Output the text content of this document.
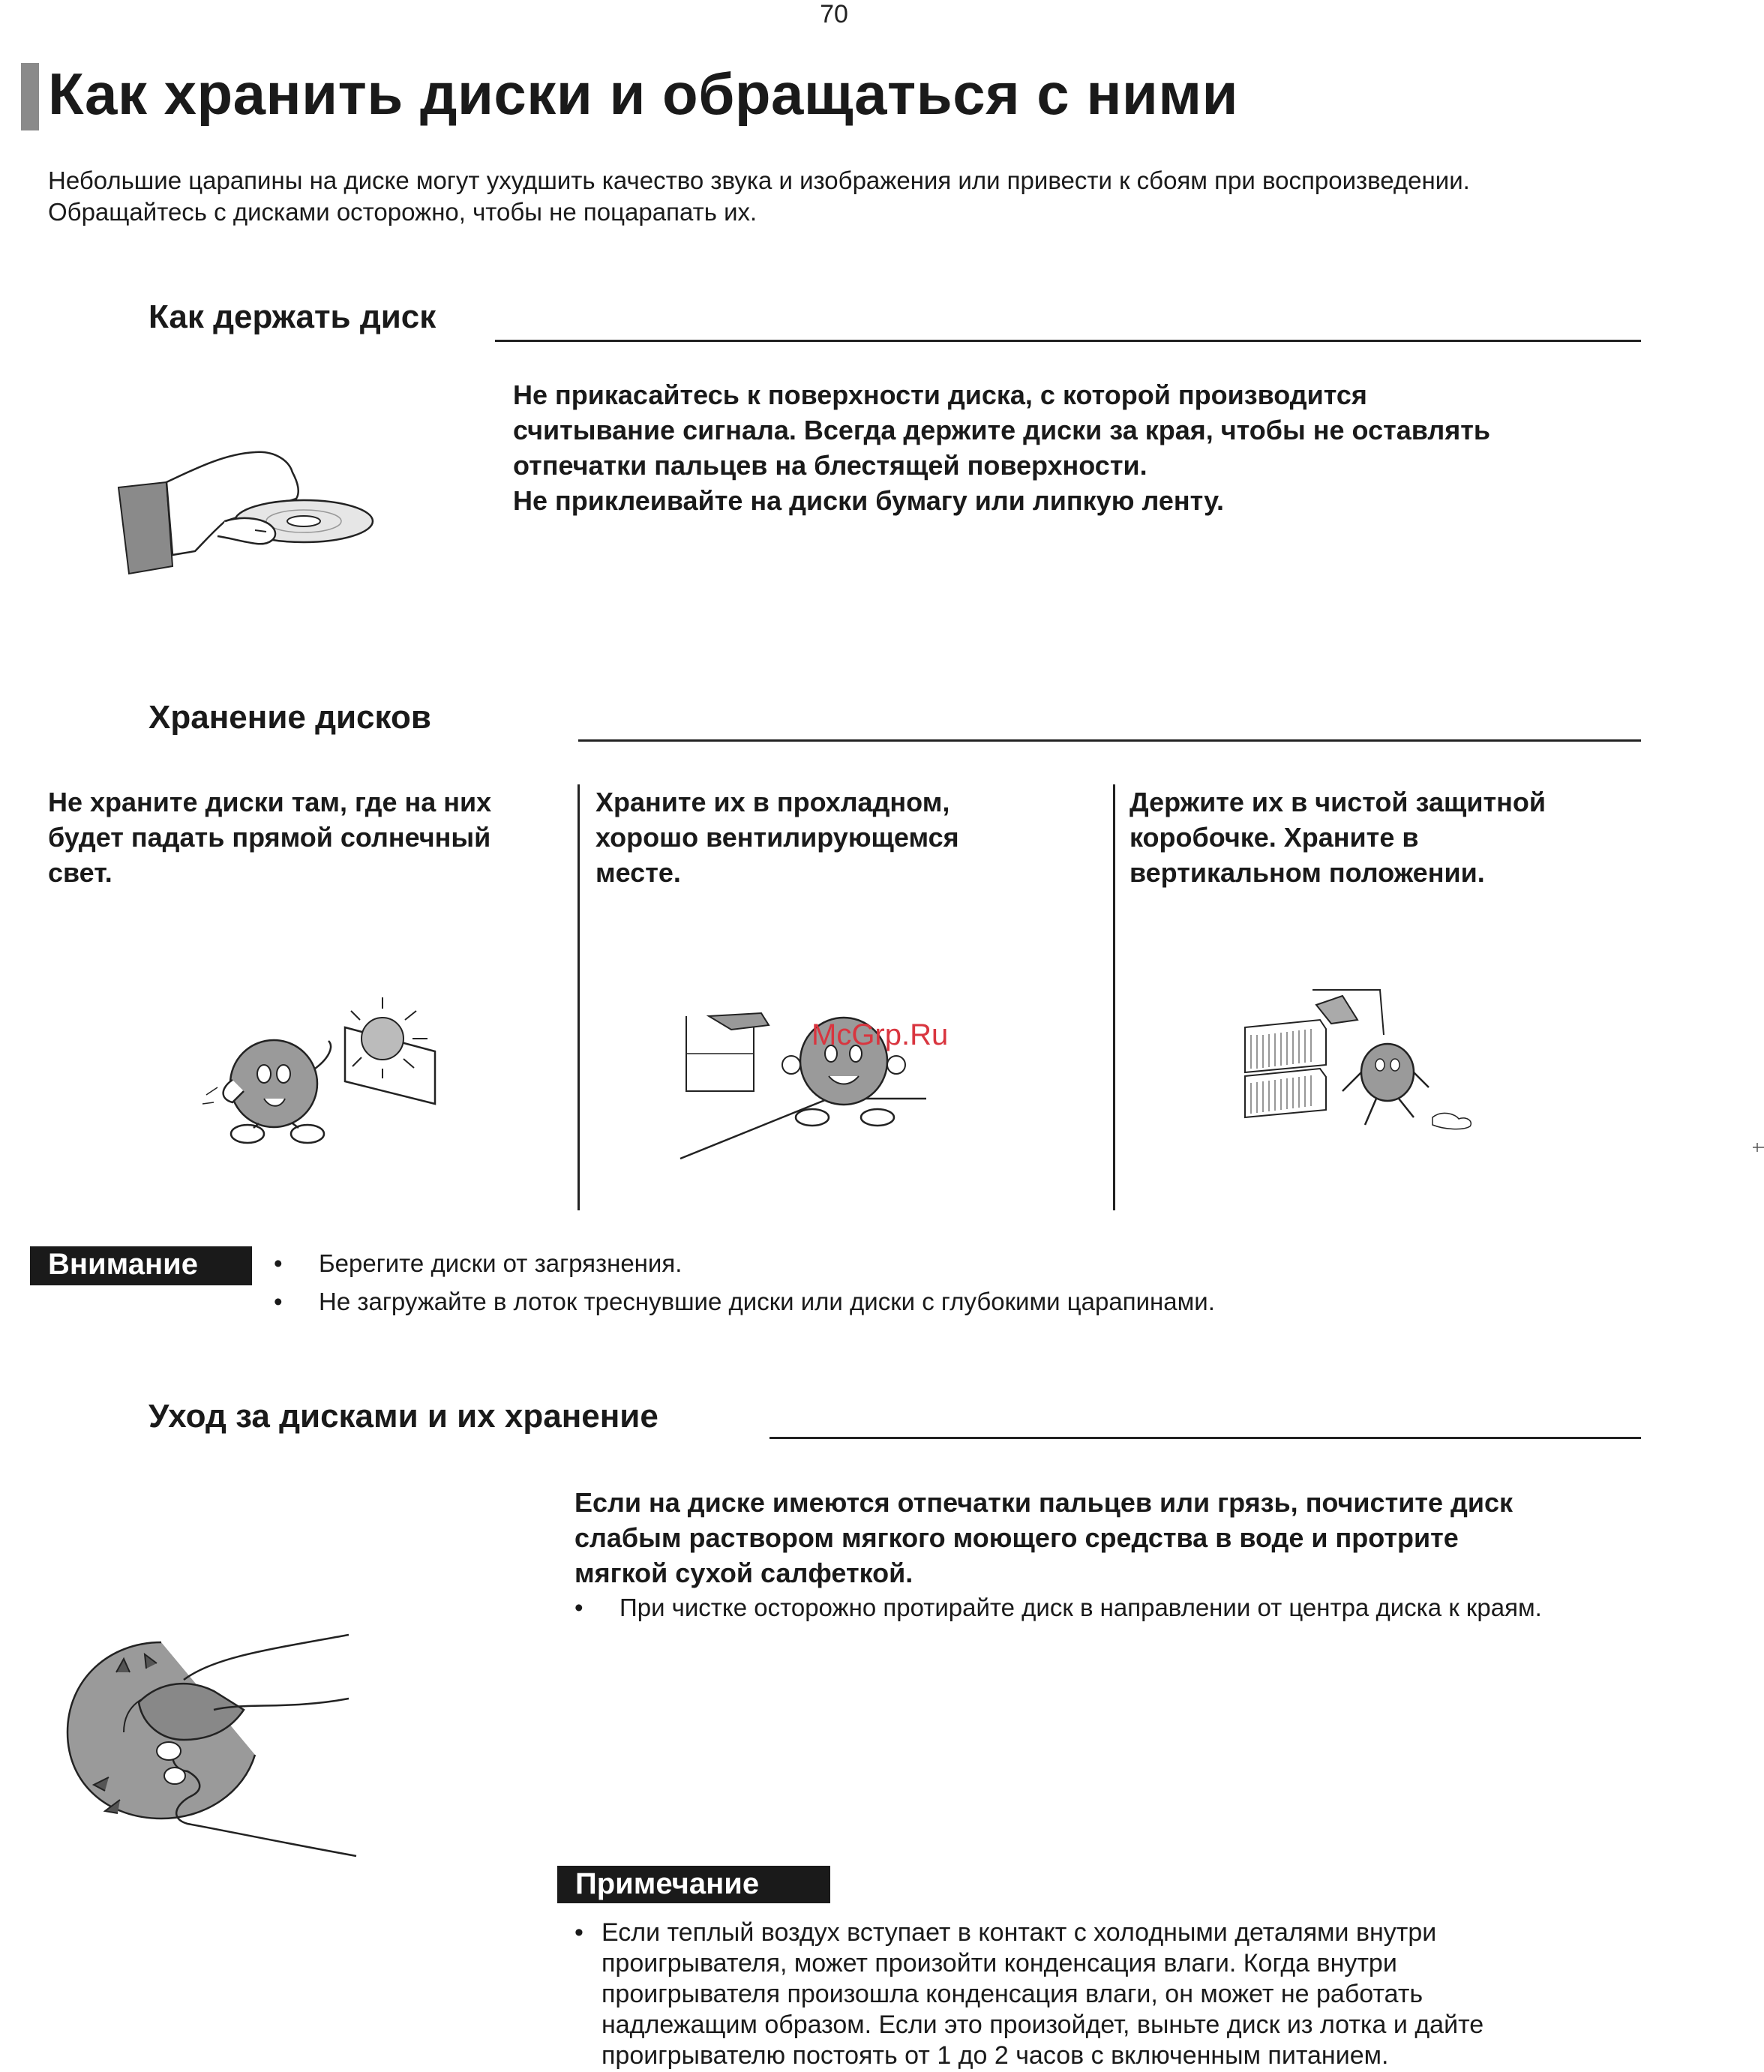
70
Как хранить диски и обращаться с ними
Небольшие царапины на диске могут ухудшить качество звука и изображения или привести к сбоям при воспроизведении.
Обращайтесь с дисками осторожно, чтобы не поцарапать их.
Как держать диск
Не прикасайтесь к поверхности диска, с которой производится
считывание сигнала. Всегда держите диски за края, чтобы не оставлять
отпечатки пальцев на блестящей поверхности.
Не приклеивайте на диски бумагу или липкую ленту.
Хранение дисков
Не храните диски там, где на них
будет падать прямой солнечный
свет.
Храните их в прохладном,
хорошо вентилирующемся
месте.
Держите их в чистой защитной
коробочке. Храните в
вертикальном положении.
McGrp.Ru
Внимание
•	Берегите диски от загрязнения.
• Не загружайте в лоток треснувшие диски или диски с глубокими царапинами.
Уход за дисками и их хранение
Если на диске имеются отпечатки пальцев или грязь, почистите диск
слабым раствором мягкого моющего средства в воде и протрите
мягкой сухой салфеткой.
• При чистке осторожно протирайте диск в направлении от центра диска к краям.
Примечание
• Если теплый воздух вступает в контакт с холодными деталями внутри проигрывателя, может произойти конденсация влаги. Когда внутри проигрывателя произошла конденсация влаги, он может не работать надлежащим образом. Если это произойдет, выньте диск из лотка и дайте проигрывателю постоять от 1 до 2 часов с включенным питанием.
